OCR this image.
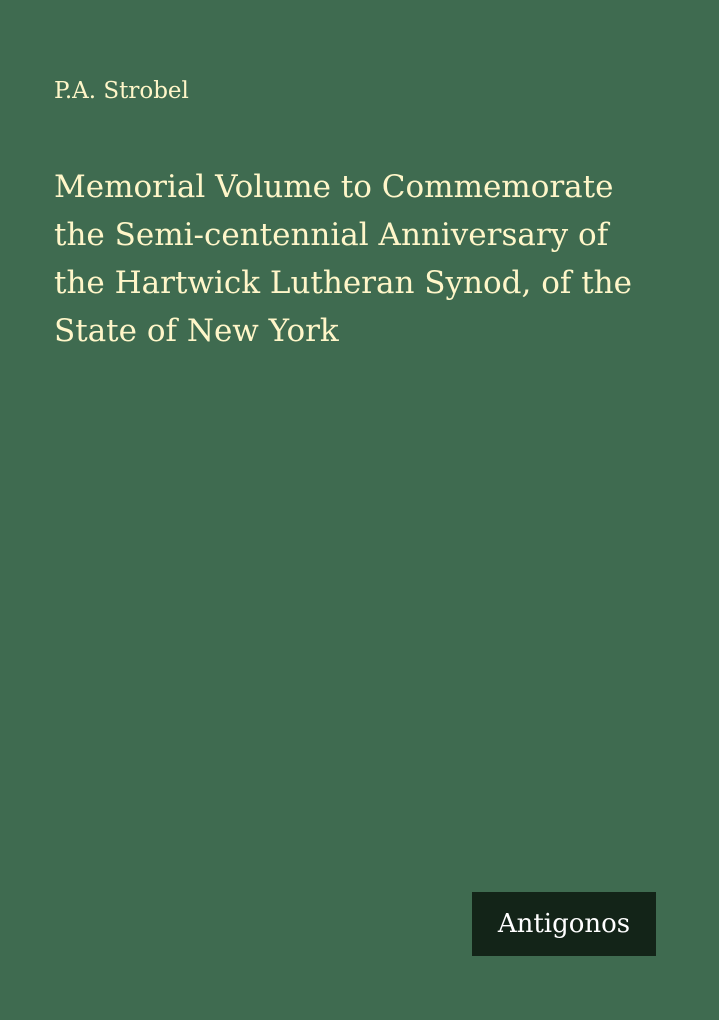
P.A. Strobel
Memorial Volume to Commemorate
the Semi-centennial Anniversary of
the Hartwick Lutheran Synod, of the
State of New York
Antigonos
